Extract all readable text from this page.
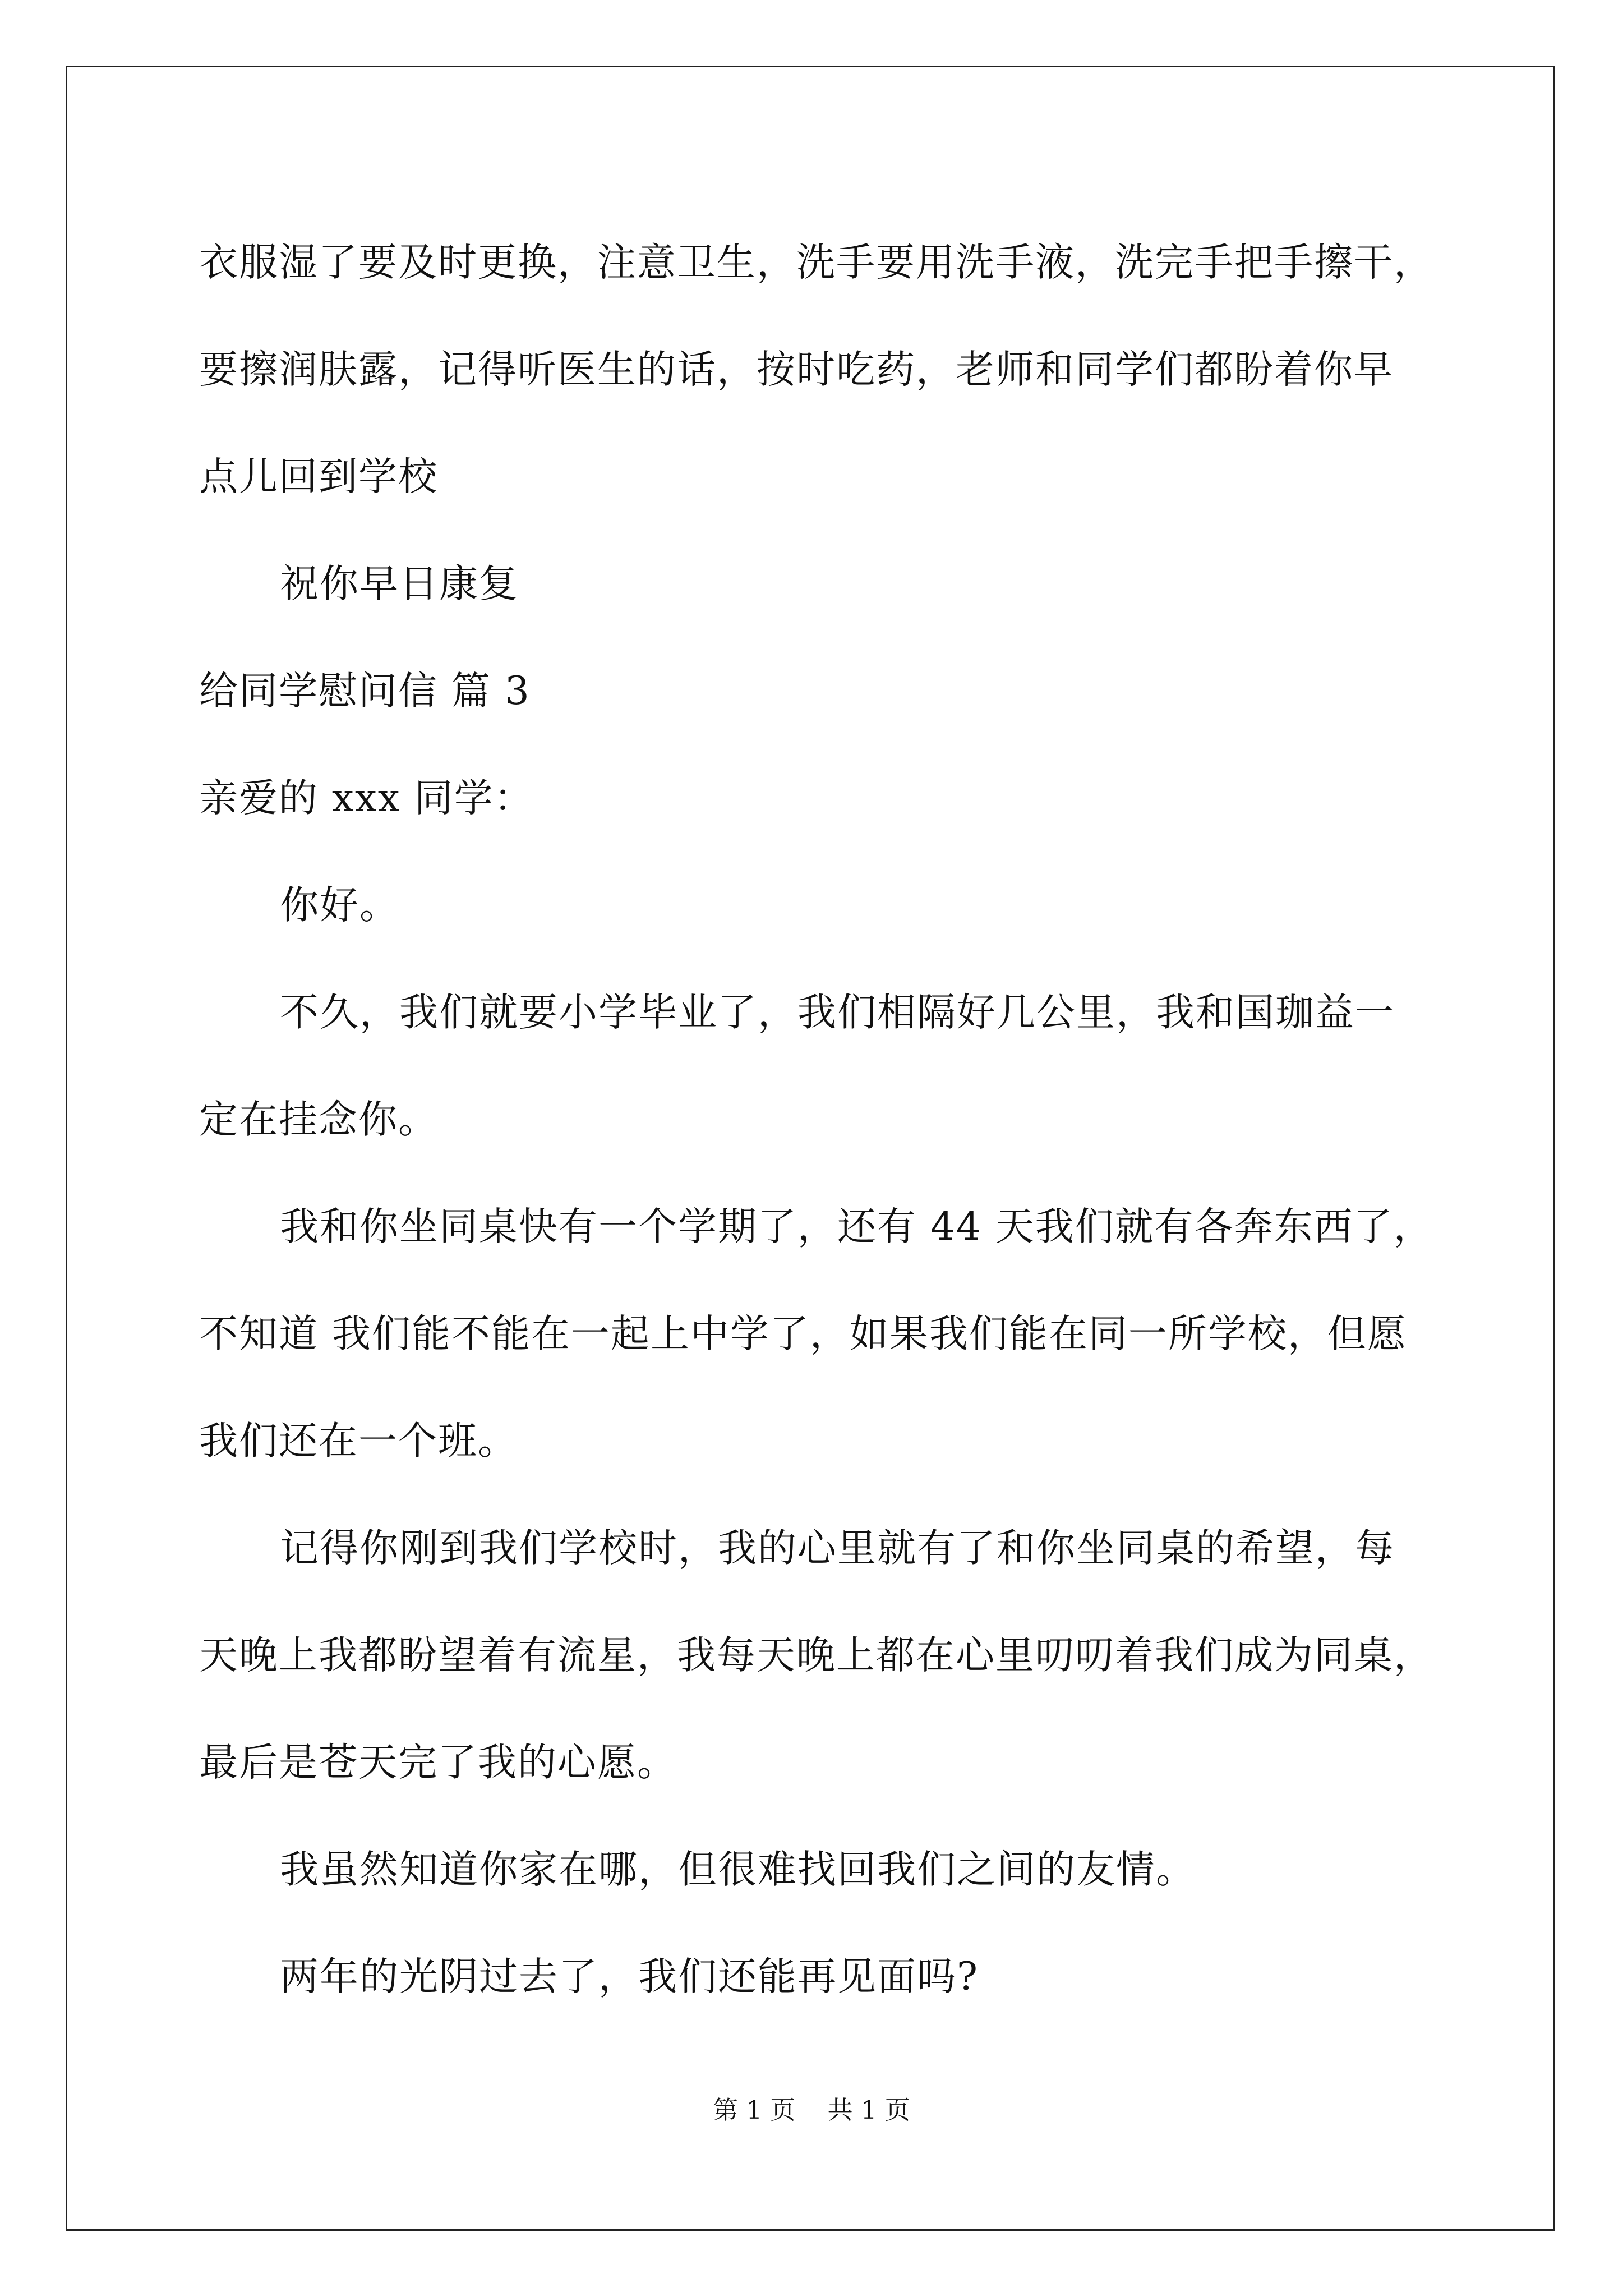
衣服湿了要及时更换，注意卫生，洗手要用洗手液，洗完手把手擦干，
要擦润肤露，记得听医生的话，按时吃药，老师和同学们都盼着你早
点儿回到学校
祝你早日康复
给同学慰问信 篇 3
亲爱的 xxx 同学：
你好。
不久，我们就要小学毕业了，我们相隔好几公里，我和国珈益一
定在挂念你。
我和你坐同桌快有一个学期了，还有 44 天我们就有各奔东西了，
不知道 我们能不能在一起上中学了，如果我们能在同一所学校，但愿
我们还在一个班。
记得你刚到我们学校时，我的心里就有了和你坐同桌的希望，每
天晚上我都盼望着有流星，我每天晚上都在心里叨叨着我们成为同桌，
最后是苍天完了我的心愿。
我虽然知道你家在哪，但很难找回我们之间的友情。
两年的光阴过去了，我们还能再见面吗?
第 1 页    共 1 页
